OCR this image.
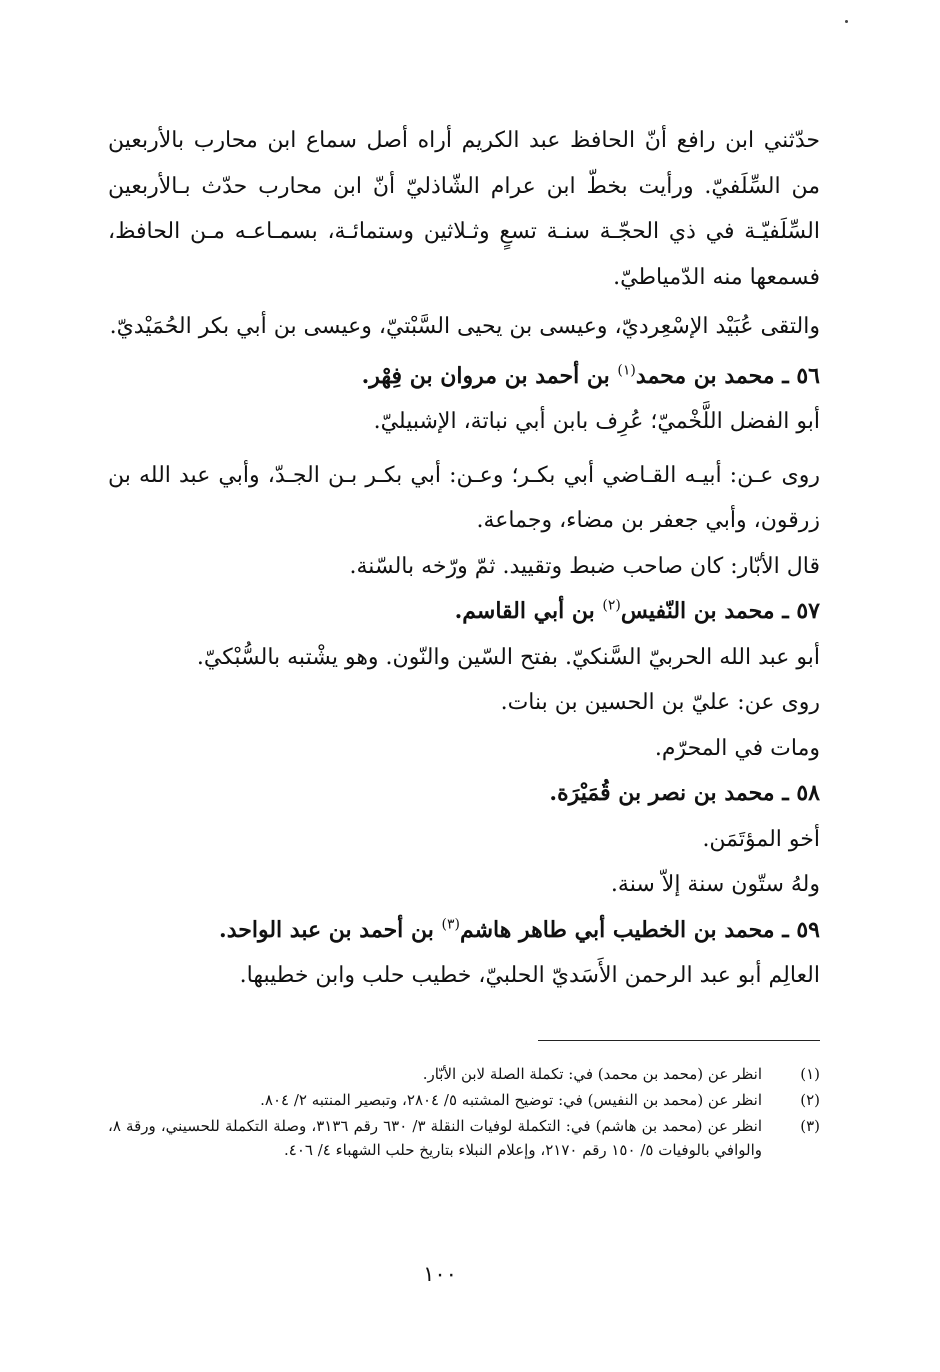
حدّثني ابن رافع أنّ الحافظ عبد الكريم أراه أصل سماع ابن محارب بالأربعين من السِّلَفيّ. ورأيت بخطّ ابن عرام الشّاذليّ أنّ ابن محارب حدّث بـالأربعين السِّلَفيّـة في ذي الحجّـة سنـة تسعٍ وثـلاثين وستمائـة، بسمـاعـه مـن الحافظ، فسمعها منه الدّمياطيّ.

والتقى عُبَيْد الإسْعِرديّ، وعيسى بن يحيى السَّبْتيّ، وعيسى بن أبي بكر الحُمَيْديّ.

٥٦ ـ محمد بن محمد$^{(١)}$ بن أحمد بن مروان بن فِهْر.

أبو الفضل اللَّخْميّ؛ عُرِف بابن أبي نباتة، الإشبيليّ.

روى عـن: أبيـه القـاضي أبي بكـر؛ وعـن: أبي بكـر بـن الجـدّ، وأبي عبد الله بن زرقون، وأبي جعفر بن مضاء، وجماعة.

قال الأبّار: كان صاحب ضبط وتقييد. ثمّ ورّخه بالسّنة.

٥٧ ـ محمد بن النّفيس$^{(٢)}$ بن أبي القاسم.

أبو عبد الله الحربيّ السَّنكيّ. بفتح السّين والنّون. وهو يشْتبه بالسُّبْكيّ.

روى عن: عليّ بن الحسين بن بنات.

ومات في المحرّم.

٥٨ ـ محمد بن نصر بن قُمَيْرَة.

أخو المؤتَمَن.

ولهُ ستّون سنة إلاّ سنة.

٥٩ ـ محمد بن الخطيب أبي طاهر هاشم$^{(٣)}$ بن أحمد بن عبد الواحد.

العالِم أبو عبد الرحمن الأَسَديّ الحلبيّ، خطيب حلب وابن خطيبها.

(١)
انظر عن (محمد بن محمد) في: تكملة الصلة لابن الأبّار.
(٢)
انظر عن (محمد بن النفيس) في: توضيح المشتبه ٥/ ٢٨٠٤، وتبصير المنتبه ٢/ ٨٠٤.
(٣)
انظر عن (محمد بن هاشم) في: التكملة لوفيات النقلة ٣/ ٦٣٠ رقم ٣١٣٦، وصلة التكملة للحسيني، ورقة ٨، والوافي بالوفيات ٥/ ١٥٠ رقم ٢١٧٠، وإعلام النبلاء بتاريخ حلب الشهباء ٤/ ٤٠٦.
١٠٠
